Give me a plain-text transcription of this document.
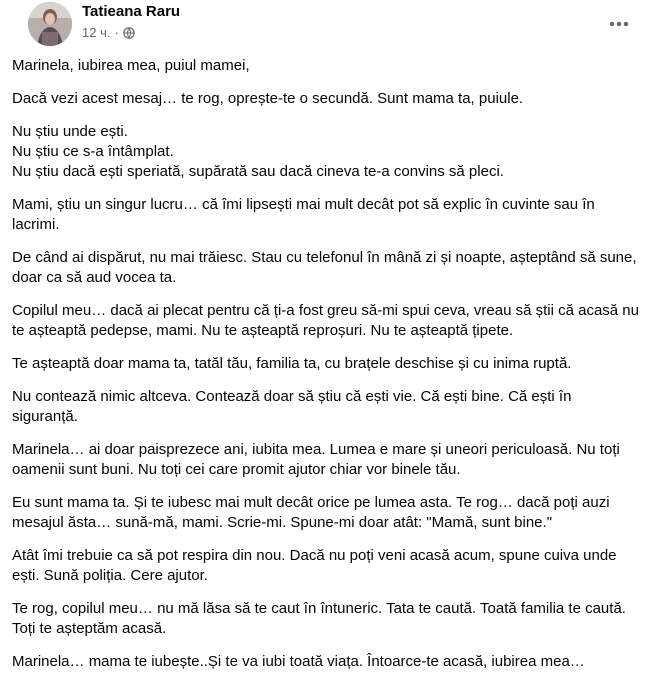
Tatieana Raru
12 ч. ·

Marinela, iubirea mea, puiul mamei,

Dacă vezi acest mesaj… te rog, oprește-te o secundă. Sunt mama ta, puiule.

Nu știu unde ești.
Nu știu ce s-a întâmplat.
Nu știu dacă ești speriată, supărată sau dacă cineva te-a convins să pleci.

Mami, știu un singur lucru… că îmi lipsești mai mult decât pot să explic în cuvinte sau în lacrimi.

De când ai dispărut, nu mai trăiesc. Stau cu telefonul în mână zi și noapte, așteptând să sune, doar ca să aud vocea ta.

Copilul meu… dacă ai plecat pentru că ți-a fost greu să-mi spui ceva, vreau să știi că acasă nu te așteaptă pedepse, mami. Nu te așteaptă reproșuri. Nu te așteaptă țipete.

Te așteaptă doar mama ta, tatăl tău, familia ta, cu brațele deschise și cu inima ruptă.

Nu contează nimic altceva. Contează doar să știu că ești vie. Că ești bine. Că ești în siguranță.

Marinela… ai doar paisprezece ani, iubita mea. Lumea e mare și uneori periculoasă. Nu toți oamenii sunt buni. Nu toți cei care promit ajutor chiar vor binele tău.

Eu sunt mama ta. Și te iubesc mai mult decât orice pe lumea asta. Te rog… dacă poți auzi mesajul ăsta… sună-mă, mami. Scrie-mi. Spune-mi doar atât: "Mamă, sunt bine."

Atât îmi trebuie ca să pot respira din nou. Dacă nu poți veni acasă acum, spune cuiva unde ești. Sună poliția. Cere ajutor.

Te rog, copilul meu… nu mă lăsa să te caut în întuneric. Tata te caută. Toată familia te caută. Toți te așteptăm acasă.

Marinela… mama te iubește..Și te va iubi toată viața. Întoarce-te acasă, iubirea mea…
